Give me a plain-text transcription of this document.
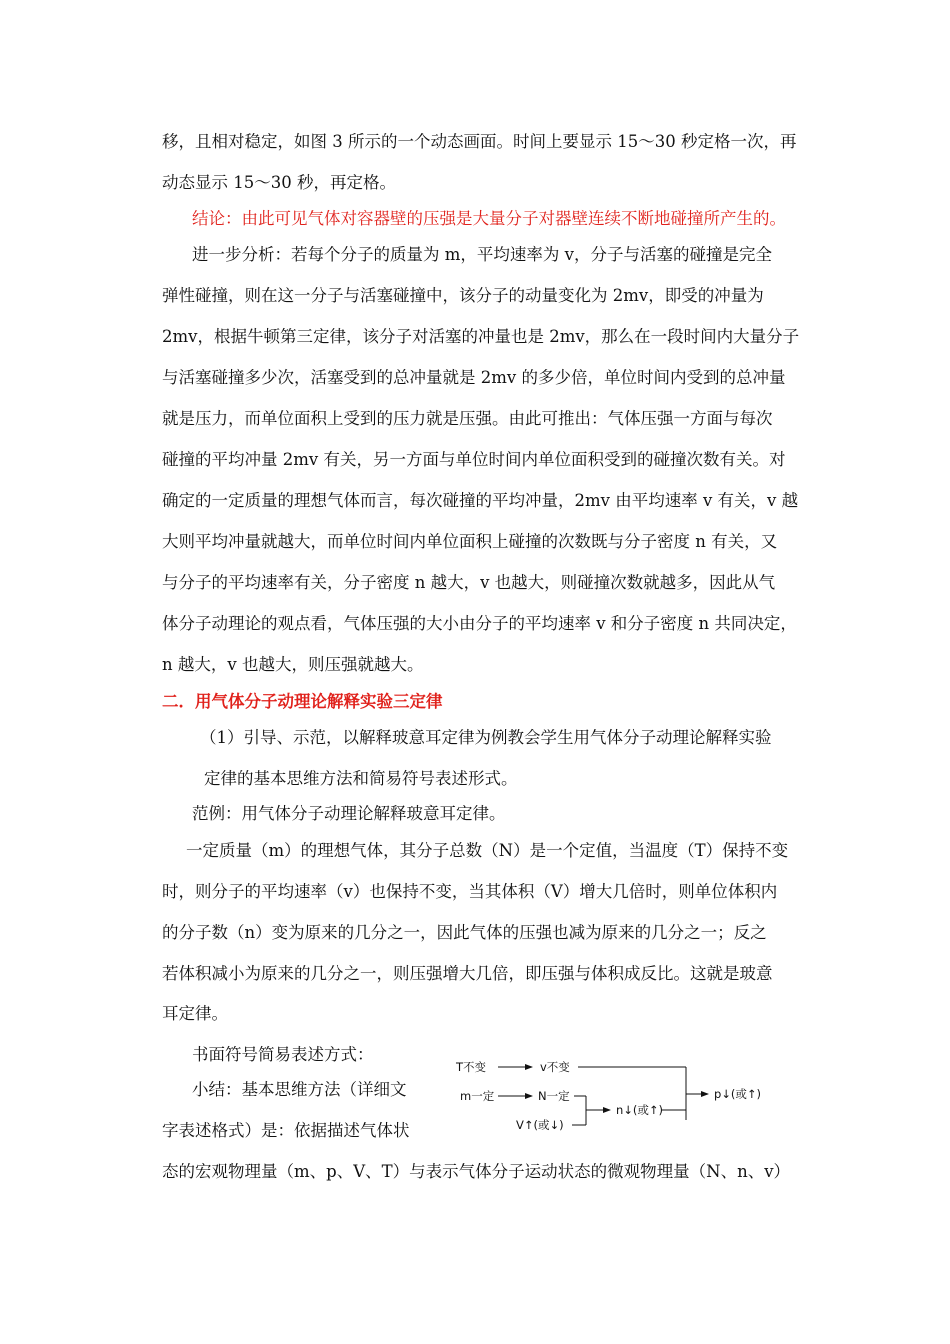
移，且相对稳定，如图 3 所示的一个动态画面。时间上要显示 15～30 秒定格一次，再
动态显示 15～30 秒，再定格。
结论：由此可见气体对容器壁的压强是大量分子对器壁连续不断地碰撞所产生的。
进一步分析：若每个分子的质量为 m，平均速率为 v，分子与活塞的碰撞是完全
弹性碰撞，则在这一分子与活塞碰撞中，该分子的动量变化为 2mv，即受的冲量为
2mv，根据牛顿第三定律，该分子对活塞的冲量也是 2mv，那么在一段时间内大量分子
与活塞碰撞多少次，活塞受到的总冲量就是 2mv 的多少倍，单位时间内受到的总冲量
就是压力，而单位面积上受到的压力就是压强。由此可推出：气体压强一方面与每次
碰撞的平均冲量 2mv 有关，另一方面与单位时间内单位面积受到的碰撞次数有关。对
确定的一定质量的理想气体而言，每次碰撞的平均冲量，2mv 由平均速率 v 有关，v 越
大则平均冲量就越大，而单位时间内单位面积上碰撞的次数既与分子密度 n 有关，又
与分子的平均速率有关，分子密度 n 越大，v 也越大，则碰撞次数就越多，因此从气
体分子动理论的观点看，气体压强的大小由分子的平均速率 v 和分子密度 n 共同决定，
n 越大，v 也越大，则压强就越大。
二．用气体分子动理论解释实验三定律
（1）引导、示范，以解释玻意耳定律为例教会学生用气体分子动理论解释实验
定律的基本思维方法和简易符号表述形式。
范例：用气体分子动理论解释玻意耳定律。
一定质量（m）的理想气体，其分子总数（N）是一个定值，当温度（T）保持不变
时，则分子的平均速率（v）也保持不变，当其体积（V）增大几倍时，则单位体积内
的分子数（n）变为原来的几分之一，因此气体的压强也减为原来的几分之一；反之
若体积减小为原来的几分之一，则压强增大几倍，即压强与体积成反比。这就是玻意
耳定律。
书面符号简易表述方式：
小结：基本思维方法（详细文
字表述格式）是：依据描述气体状
态的宏观物理量（m、p、V、T）与表示气体分子运动状态的微观物理量（N、n、v）
T不变	v不变
m一定	N一定
n↓(或↑)
p↓(或↑)
V↑(或↓)
